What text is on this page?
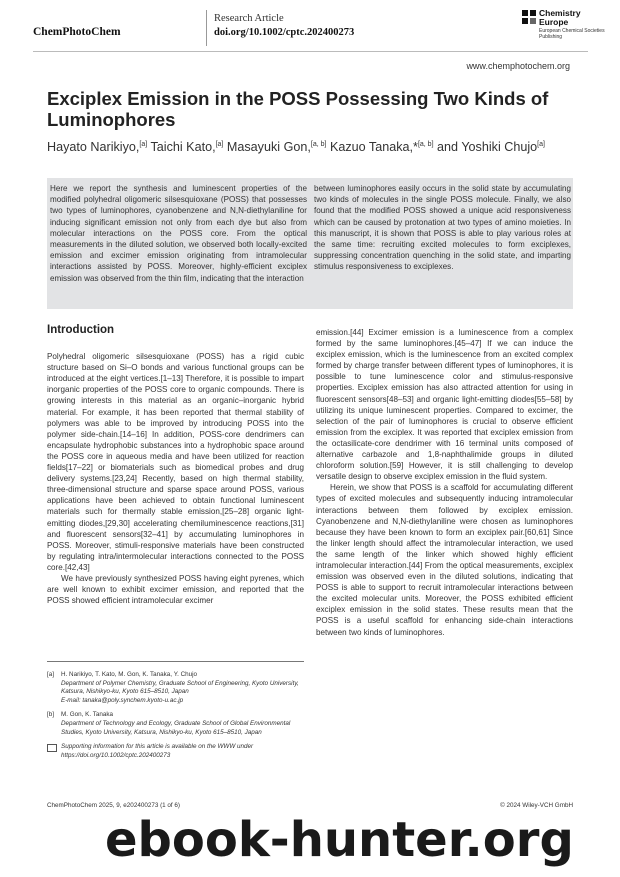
ChemPhotoChem
Research Article
doi.org/10.1002/cptc.202400273
Chemistry Europe
European Chemical Societies Publishing
www.chemphotochem.org
Exciplex Emission in the POSS Possessing Two Kinds of Luminophores
Hayato Narikiyo,[a] Taichi Kato,[a] Masayuki Gon,[a, b] Kazuo Tanaka,*[a, b] and Yoshiki Chujo[a]

Here we report the synthesis and luminescent properties of the modified polyhedral oligomeric silsesquioxane (POSS) that possesses two types of luminophores, cyanobenzene and N,N-diethylaniline for inducing significant emission not only from each dye but also from molecular interactions on the POSS core. From the optical measurements in the diluted solution, we observed both locally-excited emission and excimer emission originating from intramolecular interactions assisted by POSS. Moreover, highly-efficient exciplex emission was observed from the thin film, indicating that the interaction

between luminophores easily occurs in the solid state by accumulating two kinds of molecules in the single POSS molecule. Finally, we also found that the modified POSS showed a unique acid responsiveness which can be caused by protonation at two types of amino moieties. In this manuscript, it is shown that POSS is able to play various roles at the same time: recruiting excited molecules to form exciplexes, suppressing concentration quenching in the solid state, and imparting stimulus responsiveness to exciplexes.

Introduction

Polyhedral oligomeric silsesquioxane (POSS) has a rigid cubic structure based on Si–O bonds and various functional groups can be introduced at the eight vertices.[1–13] Therefore, it is possible to impart inorganic properties of the POSS core to organic compounds. There is growing interests in this material as an organic–inorganic hybrid material. For example, it has been reported that thermal stability of polymers was able to be improved by introducing POSS into the polymer side-chain.[14–16] In addition, POSS-core dendrimers can encapsulate hydrophobic substances into a hydrophobic space around the POSS core in aqueous media and have been utilized for reaction fields[17–22] or biomaterials such as biomedical probes and drug delivery systems.[23,24] Recently, based on high thermal stability, three-dimensional structure and sparse space around POSS, various applications have been achieved to obtain functional luminescent materials such for thermally stable emission,[25–28] organic light-emitting diodes,[29,30] accelerating chemiluminescence reactions,[31] and fluorescent sensors[32–41] by accumulating luminophores in POSS. Moreover, stimuli-responsive materials have been constructed by regulating intra/intermolecular interactions connected to the POSS core.[42,43]

We have previously synthesized POSS having eight pyrenes, which are well known to exhibit excimer emission, and reported that the POSS showed efficient intramolecular excimer

emission.[44] Excimer emission is a luminescence from a complex formed by the same luminophores.[45–47] If we can induce the exciplex emission, which is the luminescence from an excited complex formed by charge transfer between different types of luminophores, it is possible to tune luminescence color and stimulus-responsive properties. Exciplex emission has also attracted attention for using in fluorescent sensors[48–53] and organic light-emitting diodes[55–58] by utilizing its unique luminescent properties. Compared to excimer, the selection of the pair of luminophores is crucial to observe efficient emission from the exciplex. It was reported that exciplex emission from the octasilicate-core dendrimer with 16 terminal units composed of alternative carbazole and 1,8-naphthalimide groups in diluted chloroform solution.[59] However, it is still challenging to develop versatile design to observe exciplex emission in the fluid system.

Herein, we show that POSS is a scaffold for accumulating different types of excited molecules and subsequently inducing intramolecular interactions between them followed by exciplex emission. Cyanobenzene and N,N-diethylaniline were chosen as luminophores because they have been known to form an exciplex pair.[60,61] Since the linker length should affect the intramolecular interaction, we used the same length of the linker which showed highly efficient intramolecular interaction.[44] From the optical measurements, exciplex emission was observed even in the diluted solutions, indicating that POSS is able to support to recruit intramolecular interactions between the excited molecular units. Moreover, the POSS exhibited efficient exciplex emission in the solid states. These results mean that the POSS is a useful scaffold for enhancing side-chain interactions between two kinds of luminophores.

[a]	H. Narikiyo, T. Kato, M. Gon, K. Tanaka, Y. Chujo
Department of Polymer Chemistry, Graduate School of Engineering, Kyoto University, Katsura, Nishikyo-ku, Kyoto 615–8510, Japan
E-mail: tanaka@poly.synchem.kyoto-u.ac.jp
[b]	M. Gon, K. Tanaka
Department of Technology and Ecology, Graduate School of Global Environmental Studies, Kyoto University, Katsura, Nishikyo-ku, Kyoto 615–8510, Japan
Supporting information for this article is available on the WWW under https://doi.org/10.1002/cptc.202400273
ChemPhotoChem 2025, 9, e202400273 (1 of 6)	© 2024 Wiley-VCH GmbH
ebook-hunter.org
